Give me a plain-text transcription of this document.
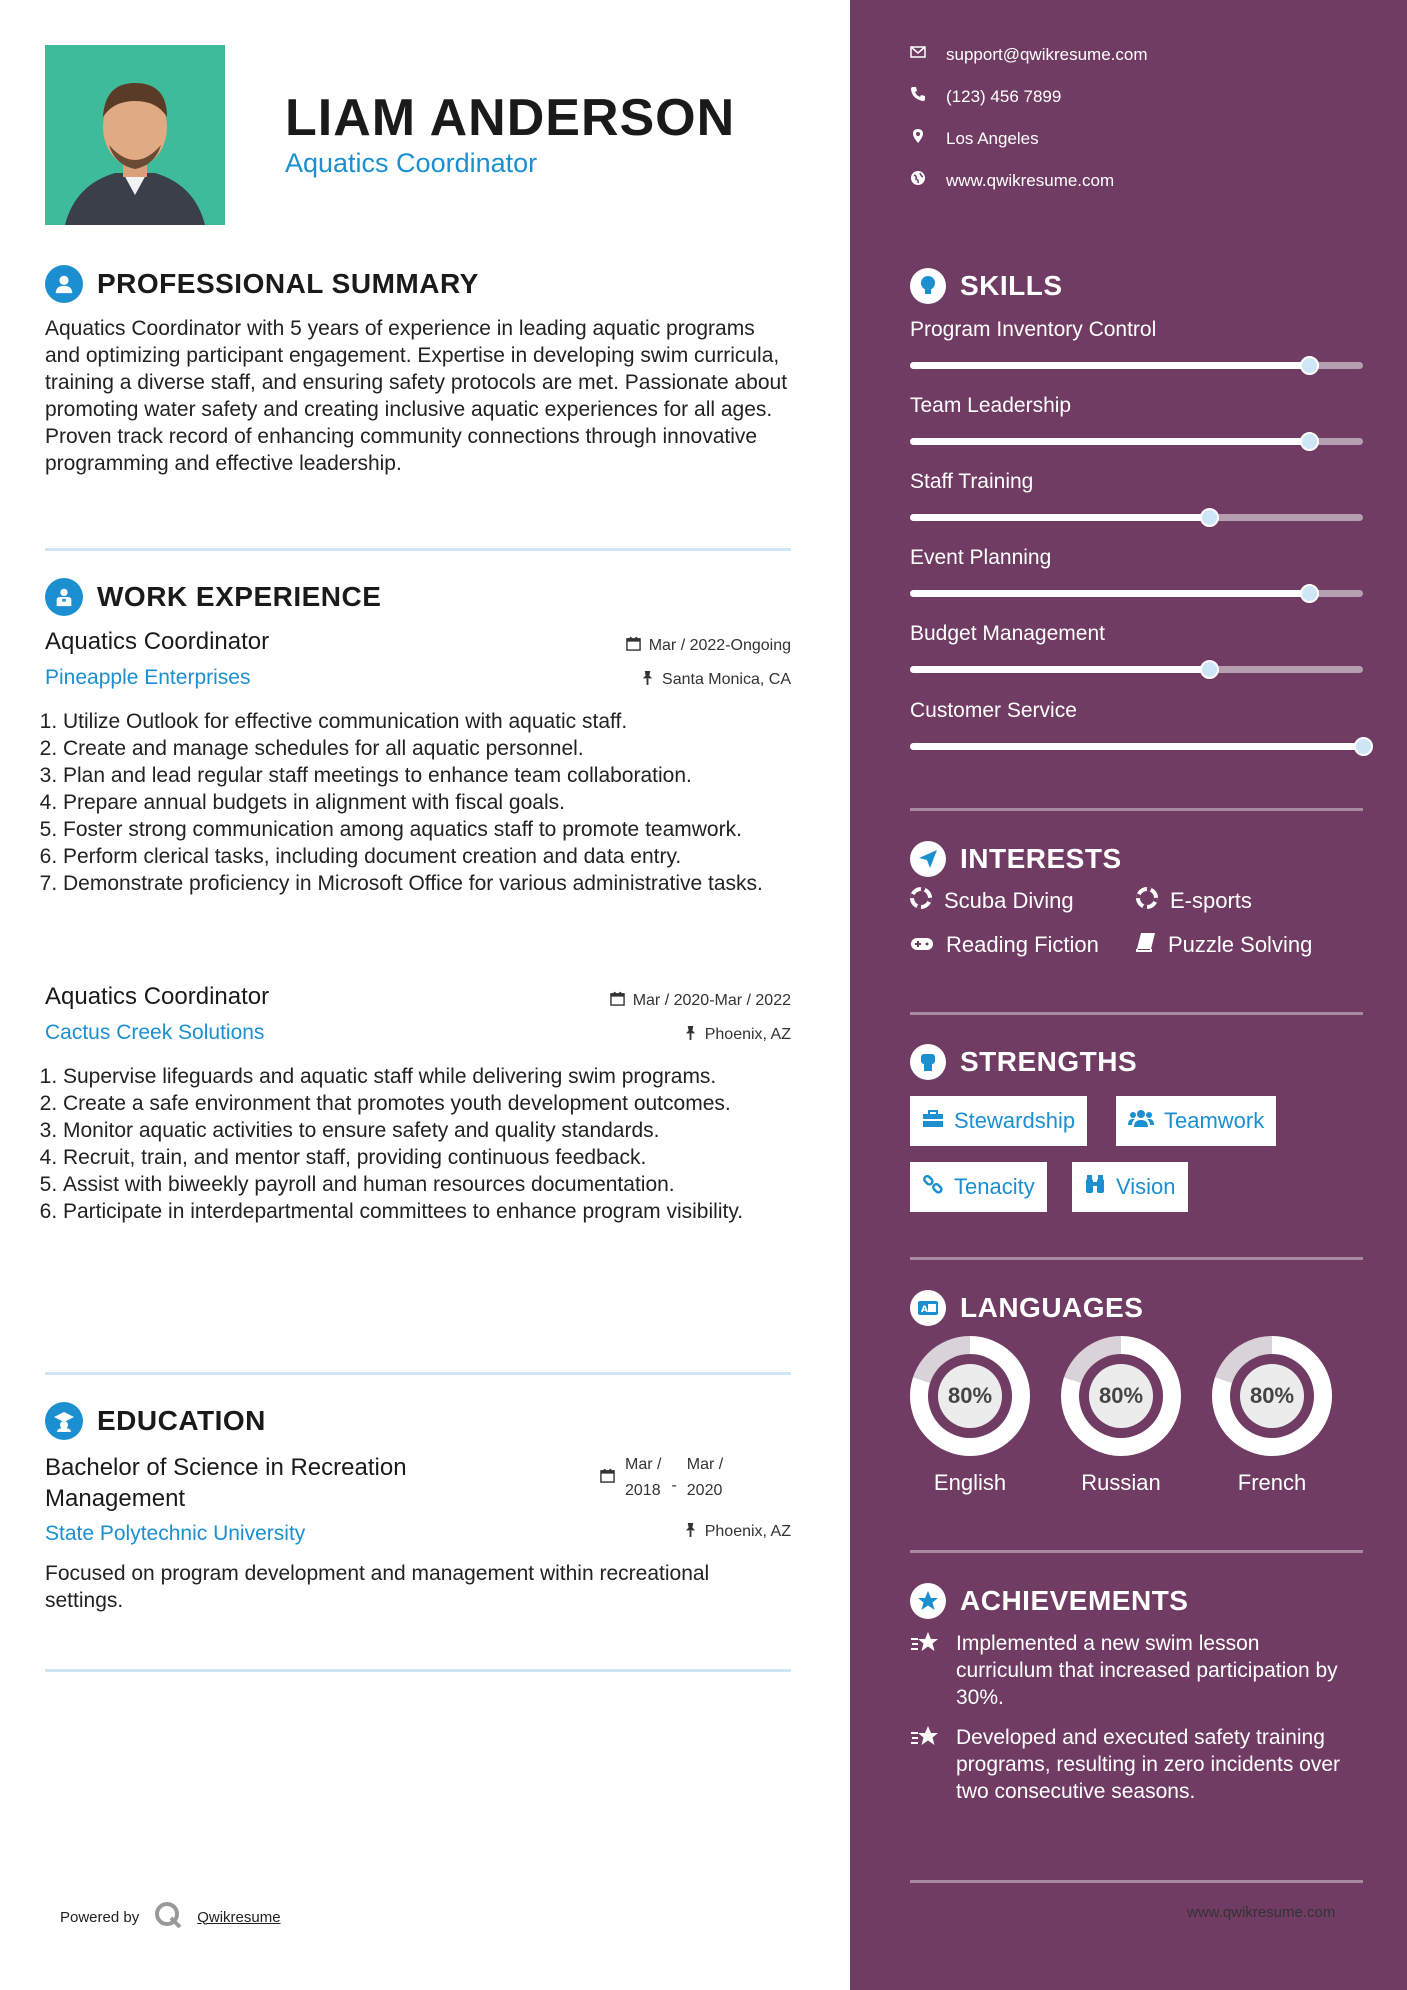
LIAM ANDERSON
Aquatics Coordinator
PROFESSIONAL SUMMARY
Aquatics Coordinator with 5 years of experience in leading aquatic programs and optimizing participant engagement. Expertise in developing swim curricula, training a diverse staff, and ensuring safety protocols are met. Passionate about promoting water safety and creating inclusive aquatic experiences for all ages. Proven track record of enhancing community connections through innovative programming and effective leadership.
WORK EXPERIENCE
Aquatics Coordinator
Pineapple Enterprises
Mar / 2022-Ongoing
Santa Monica, CA
1. Utilize Outlook for effective communication with aquatic staff.
2. Create and manage schedules for all aquatic personnel.
3. Plan and lead regular staff meetings to enhance team collaboration.
4. Prepare annual budgets in alignment with fiscal goals.
5. Foster strong communication among aquatics staff to promote teamwork.
6. Perform clerical tasks, including document creation and data entry.
7. Demonstrate proficiency in Microsoft Office for various administrative tasks.
Aquatics Coordinator
Cactus Creek Solutions
Mar / 2020-Mar / 2022
Phoenix, AZ
1. Supervise lifeguards and aquatic staff while delivering swim programs.
2. Create a safe environment that promotes youth development outcomes.
3. Monitor aquatic activities to ensure safety and quality standards.
4. Recruit, train, and mentor staff, providing continuous feedback.
5. Assist with biweekly payroll and human resources documentation.
6. Participate in interdepartmental committees to enhance program visibility.
EDUCATION
Bachelor of Science in Recreation
Management
State Polytechnic University
Mar /
2018 -
Mar /
2020
Phoenix, AZ
Focused on program development and management within recreational settings.
Powered by	Qwikresume
support@qwikresume.com
(123) 456 7899
Los Angeles
www.qwikresume.com
SKILLS
Program Inventory Control
Team Leadership
Staff Training
Event Planning
Budget Management
Customer Service
INTERESTS
Scuba Diving	E-sports
Reading Fiction	Puzzle Solving
STRENGTHS
Stewardship	Teamwork
Tenacity	Vision
A LANGUAGES
80%
English
80%
Russian
80%
French
ACHIEVEMENTS
Implemented a new swim lesson curriculum that increased participation by 30%.
Developed and executed safety training programs, resulting in zero incidents over two consecutive seasons.
www.qwikresume.com
